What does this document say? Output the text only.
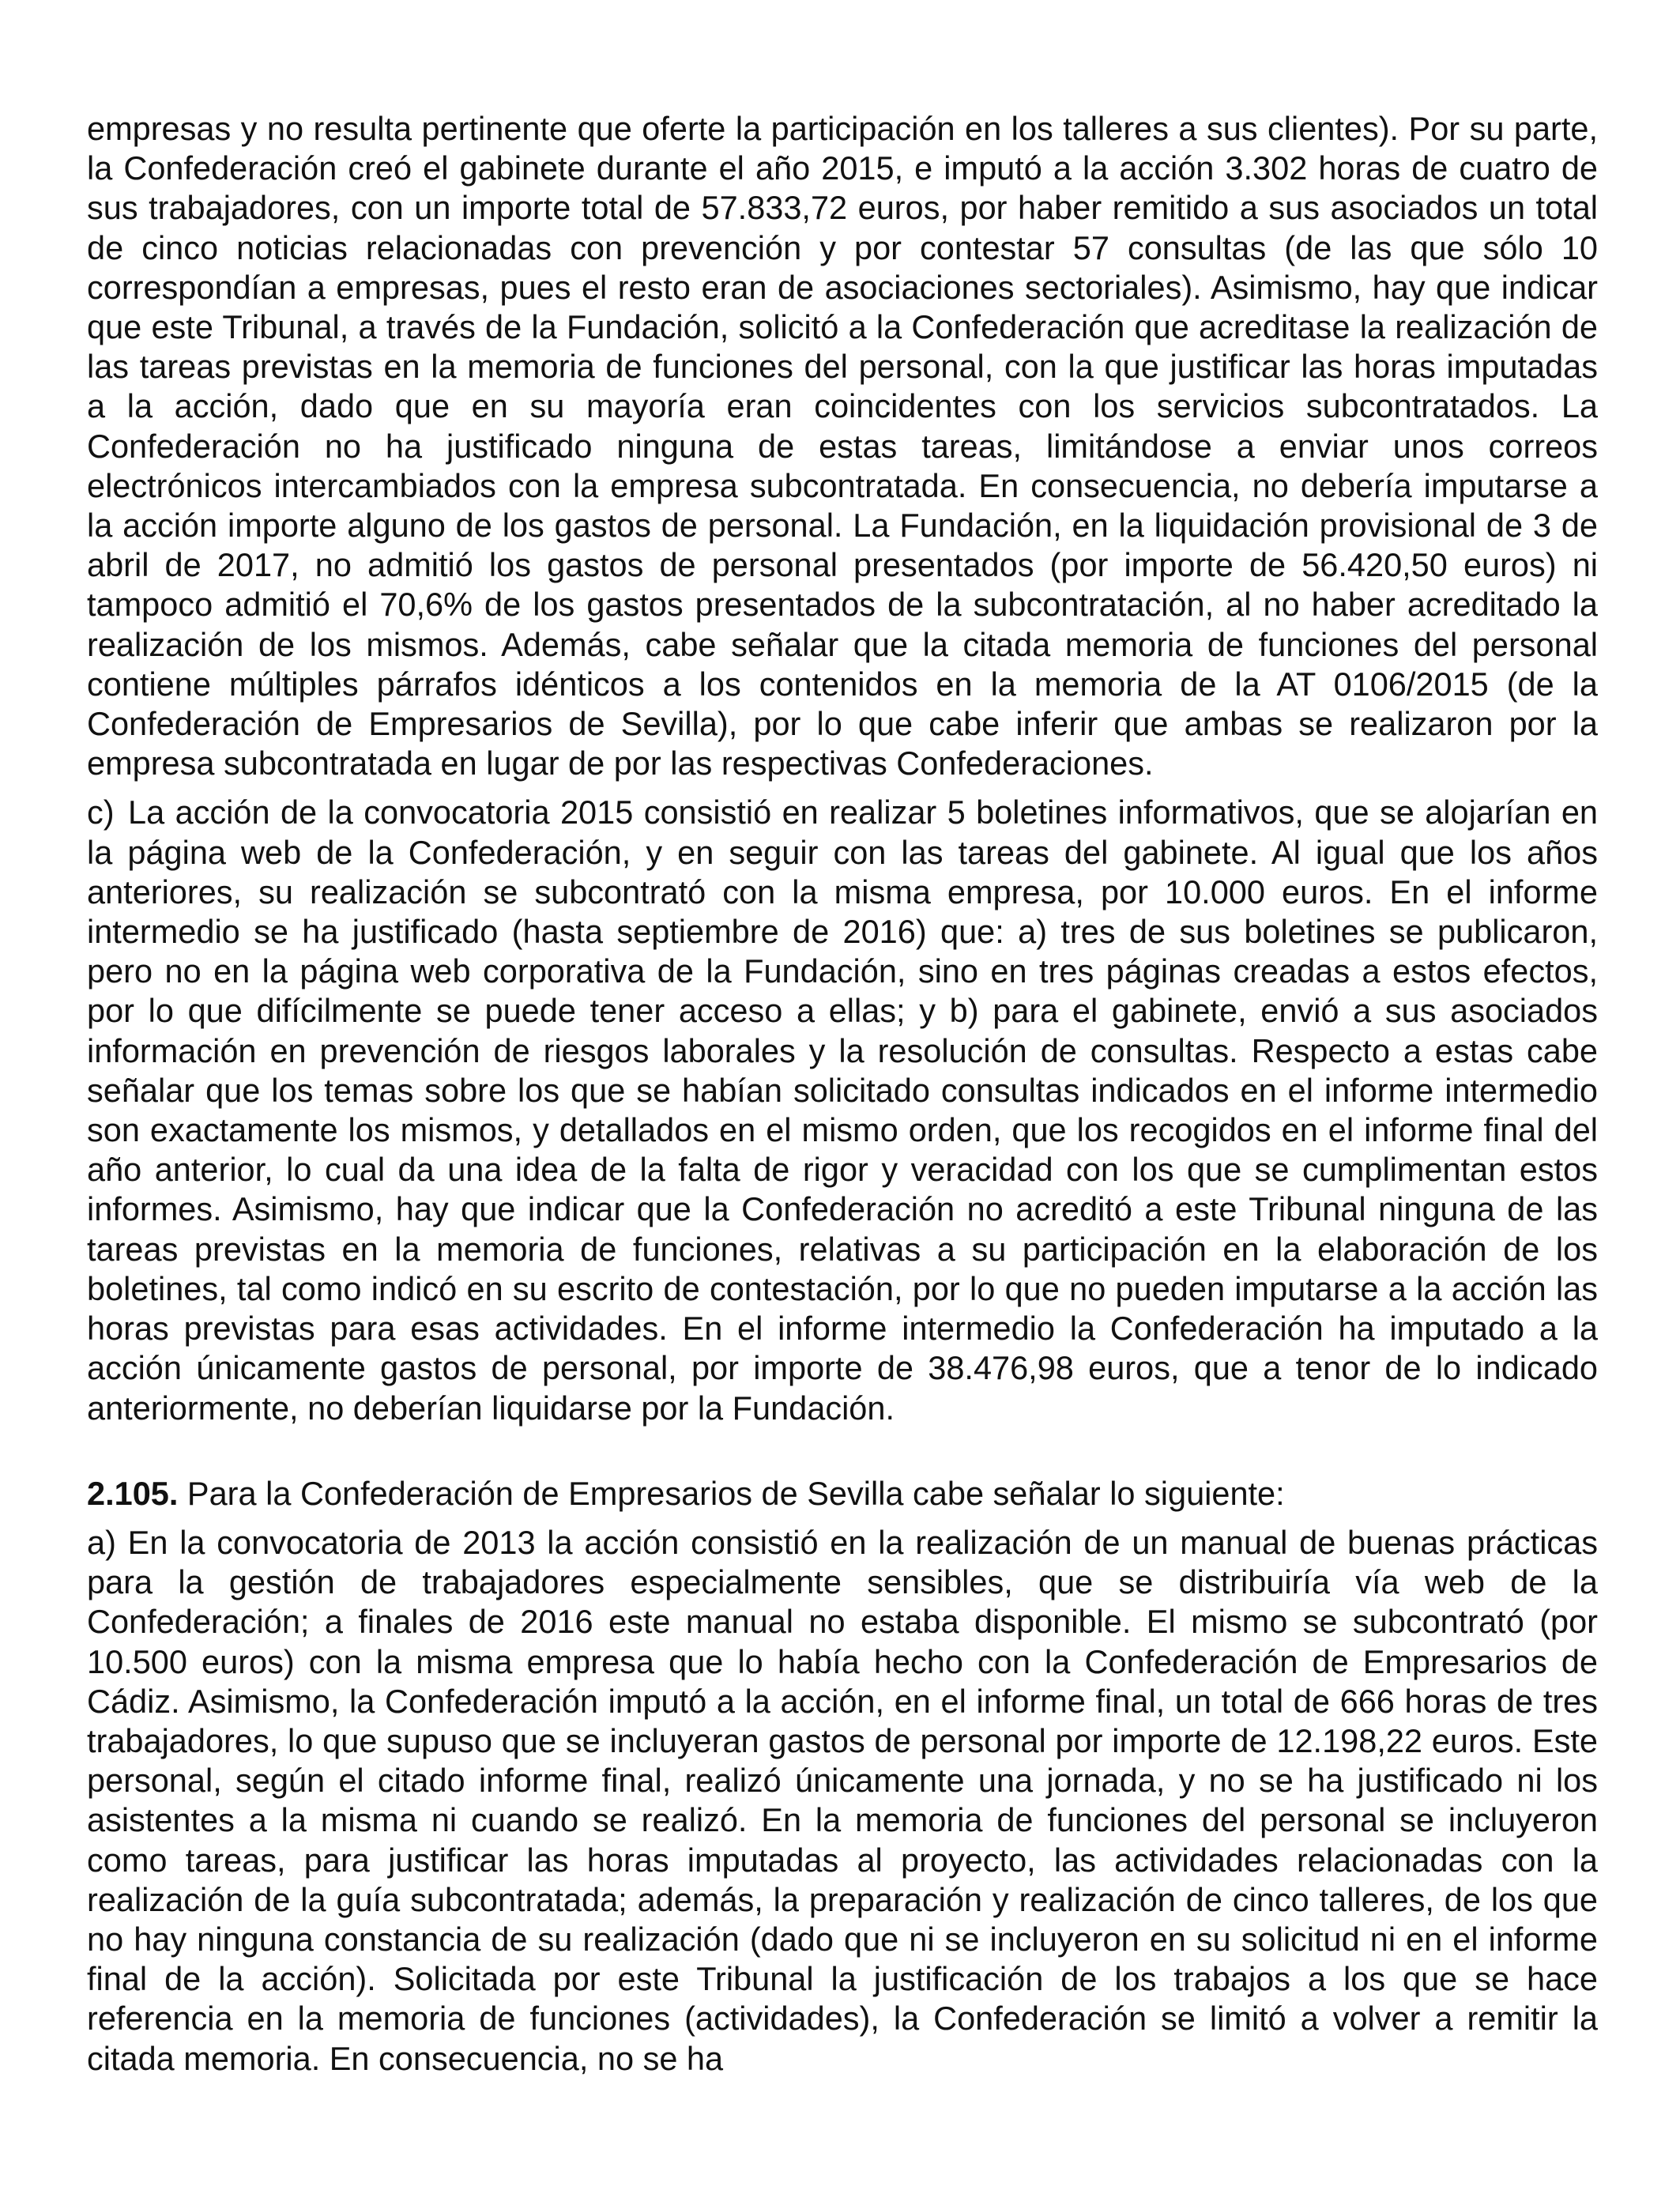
empresas y no resulta pertinente que oferte la participación en los talleres a sus clientes). Por su parte, la Confederación creó el gabinete durante el año 2015, e imputó a la acción 3.302 horas de cuatro de sus trabajadores, con un importe total de 57.833,72 euros, por haber remitido a sus asociados un total de cinco noticias relacionadas con prevención y por contestar 57 consultas (de las que sólo 10 correspondían a empresas, pues el resto eran de asociaciones sectoriales). Asimismo, hay que indicar que este Tribunal, a través de la Fundación, solicitó a la Confederación que acreditase la realización de las tareas previstas en la memoria de funciones del personal, con la que justificar las horas imputadas a la acción, dado que en su mayoría eran coincidentes con los servicios subcontratados. La Confederación no ha justificado ninguna de estas tareas, limitándose a enviar unos correos electrónicos intercambiados con la empresa subcontratada. En consecuencia, no debería imputarse a la acción importe alguno de los gastos de personal. La Fundación, en la liquidación provisional de 3 de abril de 2017, no admitió los gastos de personal presentados (por importe de 56.420,50 euros) ni tampoco admitió el 70,6% de los gastos presentados de la subcontratación, al no haber acreditado la realización de los mismos. Además, cabe señalar que la citada memoria de funciones del personal contiene múltiples párrafos idénticos a los contenidos en la memoria de la AT 0106/2015 (de la Confederación de Empresarios de Sevilla), por lo que cabe inferir que ambas se realizaron por la empresa subcontratada en lugar de por las respectivas Confederaciones.

c) La acción de la convocatoria 2015 consistió en realizar 5 boletines informativos, que se alojarían en la página web de la Confederación, y en seguir con las tareas del gabinete. Al igual que los años anteriores, su realización se subcontrató con la misma empresa, por 10.000 euros. En el informe intermedio se ha justificado (hasta septiembre de 2016) que: a) tres de sus boletines se publicaron, pero no en la página web corporativa de la Fundación, sino en tres páginas creadas a estos efectos, por lo que difícilmente se puede tener acceso a ellas; y b) para el gabinete, envió a sus asociados información en prevención de riesgos laborales y la resolución de consultas. Respecto a estas cabe señalar que los temas sobre los que se habían solicitado consultas indicados en el informe intermedio son exactamente los mismos, y detallados en el mismo orden, que los recogidos en el informe final del año anterior, lo cual da una idea de la falta de rigor y veracidad con los que se cumplimentan estos informes. Asimismo, hay que indicar que la Confederación no acreditó a este Tribunal ninguna de las tareas previstas en la memoria de funciones, relativas a su participación en la elaboración de los boletines, tal como indicó en su escrito de contestación, por lo que no pueden imputarse a la acción las horas previstas para esas actividades. En el informe intermedio la Confederación ha imputado a la acción únicamente gastos de personal, por importe de 38.476,98 euros, que a tenor de lo indicado anteriormente, no deberían liquidarse por la Fundación.

2.105. Para la Confederación de Empresarios de Sevilla cabe señalar lo siguiente:

a) En la convocatoria de 2013 la acción consistió en la realización de un manual de buenas prácticas para la gestión de trabajadores especialmente sensibles, que se distribuiría vía web de la Confederación; a finales de 2016 este manual no estaba disponible. El mismo se subcontrató (por 10.500 euros) con la misma empresa que lo había hecho con la Confederación de Empresarios de Cádiz. Asimismo, la Confederación imputó a la acción, en el informe final, un total de 666 horas de tres trabajadores, lo que supuso que se incluyeran gastos de personal por importe de 12.198,22 euros. Este personal, según el citado informe final, realizó únicamente una jornada, y no se ha justificado ni los asistentes a la misma ni cuando se realizó. En la memoria de funciones del personal se incluyeron como tareas, para justificar las horas imputadas al proyecto, las actividades relacionadas con la realización de la guía subcontratada; además, la preparación y realización de cinco talleres, de los que no hay ninguna constancia de su realización (dado que ni se incluyeron en su solicitud ni en el informe final de la acción). Solicitada por este Tribunal la justificación de los trabajos a los que se hace referencia en la memoria de funciones (actividades), la Confederación se limitó a volver a remitir la citada memoria. En consecuencia, no se ha
